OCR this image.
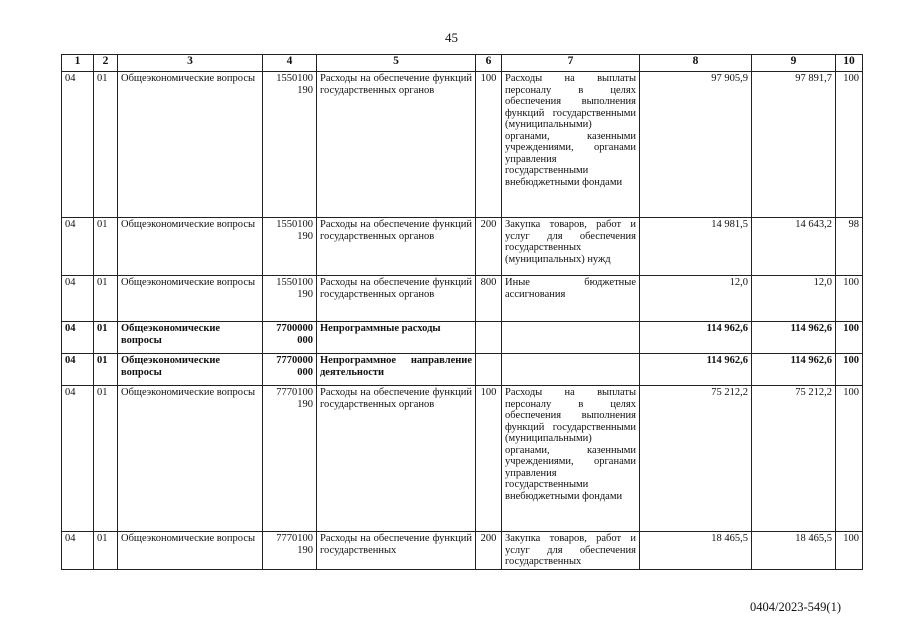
45
1	2	3	4	5	6	7	8	9	10
04	01	Общеэкономические вопросы	1550100 190	Расходы на обеспечение функций государственных органов	100	Расходы на выплаты персоналу в целях обеспечения выполнения функций государственными (муниципальными) органами, казенными учреждениями, органами управления государственными внебюджетными фондами	97 905,9	97 891,7	100
04	01	Общеэкономические вопросы	1550100 190	Расходы на обеспечение функций государственных органов	200	Закупка товаров, работ и услуг для обеспечения государственных (муниципальных) нужд	14 981,5	14 643,2	98
04	01	Общеэкономические вопросы	1550100 190	Расходы на обеспечение функций государственных органов	800	Иные бюджетные ассигнования	12,0	12,0	100
04	01	Общеэкономические вопросы	7700000 000	Непрограммные расходы			114 962,6	114 962,6	100
04	01	Общеэкономические вопросы	7770000 000	Непрограммное направление деятельности			114 962,6	114 962,6	100
04	01	Общеэкономические вопросы	7770100 190	Расходы на обеспечение функций государственных органов	100	Расходы на выплаты персоналу в целях обеспечения выполнения функций государственными (муниципальными) органами, казенными учреждениями, органами управления государственными внебюджетными фондами	75 212,2	75 212,2	100
04	01	Общеэкономические вопросы	7770100 190	Расходы на обеспечение функций государственных	200	Закупка товаров, работ и услуг для обеспечения государственных	18 465,5	18 465,5	100
0404/2023-549(1)
